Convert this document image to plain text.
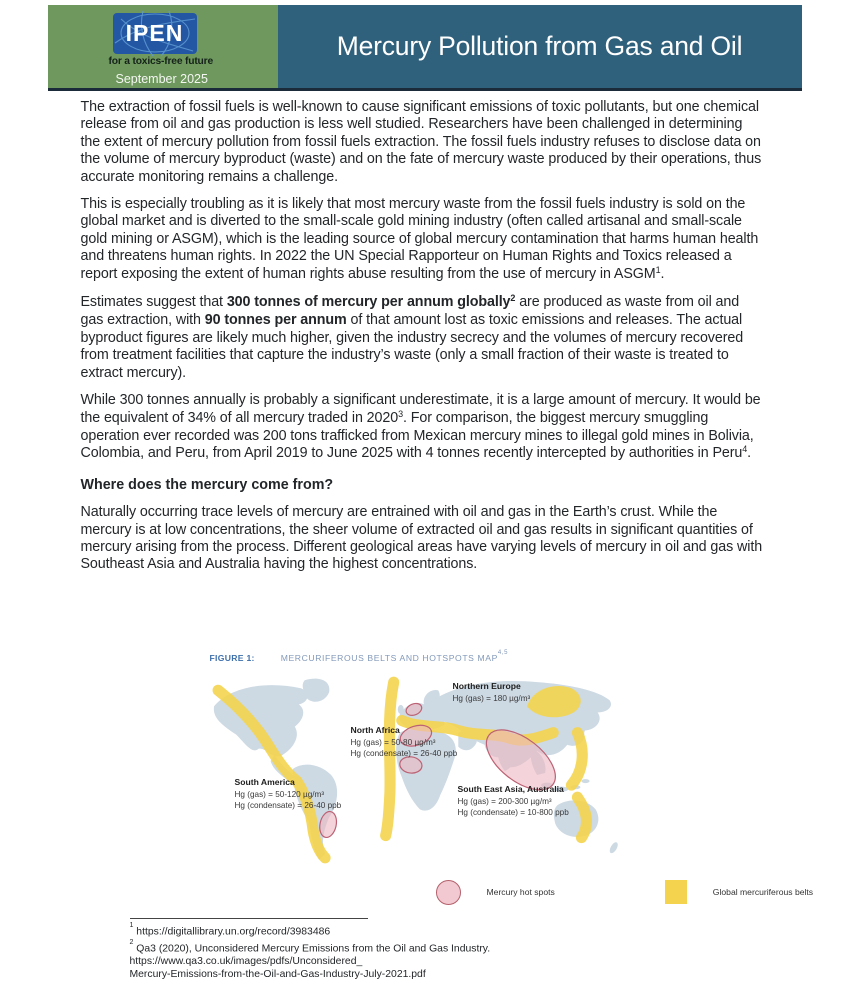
IPEN
for a toxics-free future
September 2025
Mercury Pollution from Gas and Oil

The extraction of fossil fuels is well-known to cause significant emissions of toxic pollutants, but one chemical release from oil and gas production is less well studied. Researchers have been challenged in determining the extent of mercury pollution from fossil fuels extraction. The fossil fuels industry refuses to disclose data on the volume of mercury byproduct (waste) and on the fate of mercury waste produced by their operations, thus accurate monitoring remains a challenge.

This is especially troubling as it is likely that most mercury waste from the fossil fuels industry is sold on the global market and is diverted to the small-scale gold mining industry (often called artisanal and small-scale gold mining or ASGM), which is the leading source of global mercury contamination that harms human health and threatens human rights. In 2022 the UN Special Rapporteur on Human Rights and Toxics released a report exposing the extent of human rights abuse resulting from the use of mercury in ASGM$^1$.

Estimates suggest that 300 tonnes of mercury per annum globally$^2$ are produced as waste from oil and gas extraction, with 90 tonnes per annum of that amount lost as toxic emissions and releases. The actual byproduct figures are likely much higher, given the industry secrecy and the volumes of mercury recovered from treatment facilities that capture the industry’s waste (only a small fraction of their waste is treated to extract mercury).

While 300 tonnes annually is probably a significant underestimate, it is a large amount of mercury. It would be the equivalent of 34% of all mercury traded in 2020$^3$. For comparison, the biggest mercury smuggling operation ever recorded was 200 tons trafficked from Mexican mercury mines to illegal gold mines in Bolivia, Colombia, and Peru, from April 2019 to June 2025 with 4 tonnes recently intercepted by authorities in Peru$^4$.

Where does the mercury come from?

Naturally occurring trace levels of mercury are entrained with oil and gas in the Earth’s crust. While the mercury is at low concentrations, the sheer volume of extracted oil and gas results in significant quantities of mercury arising from the process. Different geological areas have varying levels of mercury in oil and gas with Southeast Asia and Australia having the highest concentrations.

FIGURE 1:	MERCURIFEROUS BELTS AND HOTSPOTS MAP$^{4,5}$
Northern Europe
Hg (gas) = 180 µg/m³
North Africa
Hg (gas) = 50-80 µg/m³
Hg (condensate) = 26-40 ppb
South America
Hg (gas) = 50-120 µg/m³
Hg (condensate) = 26-40 ppb
South East Asia, Australia
Hg (gas) = 200-300 µg/m³
Hg (condensate) = 10-800 ppb
Mercury hot spots	Global mercuriferous belts
$^1$ https://digitallibrary.un.org/record/3983486
$^2$ Qa3 (2020), Unconsidered Mercury Emissions from the Oil and Gas Industry.
https://www.qa3.co.uk/images/pdfs/Unconsidered_
Mercury-Emissions-from-the-Oil-and-Gas-Industry-July-2021.pdf
